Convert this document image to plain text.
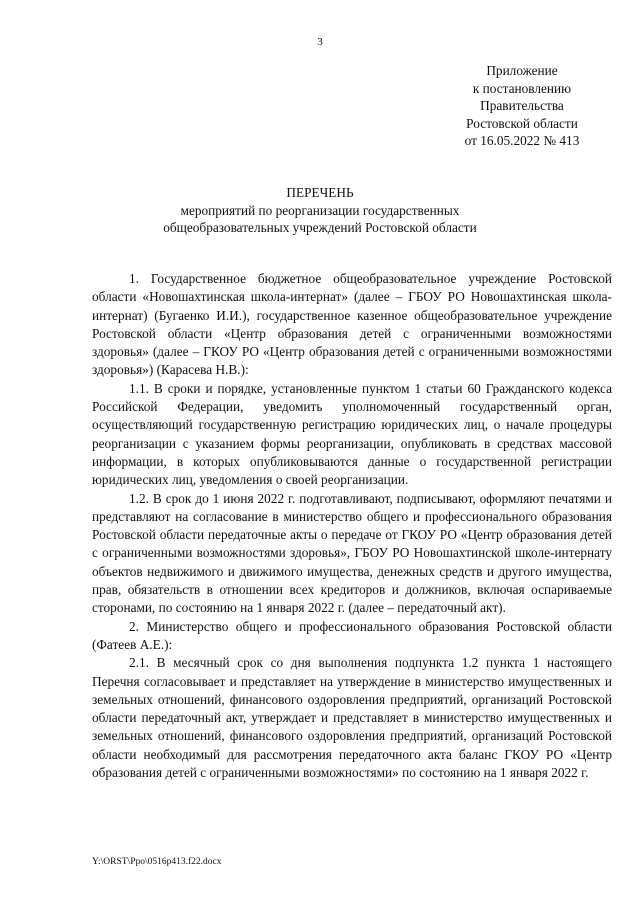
3
Приложение
к постановлению
Правительства
Ростовской области
от 16.05.2022 № 413
ПЕРЕЧЕНЬ
мероприятий по реорганизации государственных
общеобразовательных учреждений Ростовской области

1. Государственное бюджетное общеобразовательное учреждение Ростовской области «Новошахтинская школа-интернат» (далее – ГБОУ РО Новошахтинская школа-интернат) (Бугаенко И.И.), государственное казенное общеобразовательное учреждение Ростовской области «Центр образования детей с ограниченными возможностями здоровья» (далее – ГКОУ РО «Центр образования детей с ограниченными возможностями здоровья») (Карасева Н.В.):

1.1. В сроки и порядке, установленные пунктом 1 статьи 60 Гражданского кодекса Российской Федерации, уведомить уполномоченный государственный орган, осуществляющий государственную регистрацию юридических лиц, о начале процедуры реорганизации с указанием формы реорганизации, опубликовать в средствах массовой информации, в которых опубликовываются данные о государственной регистрации юридических лиц, уведомления о своей реорганизации.

1.2. В срок до 1 июня 2022 г. подготавливают, подписывают, оформляют печатями и представляют на согласование в министерство общего и профессионального образования Ростовской области передаточные акты о передаче от ГКОУ РО «Центр образования детей с ограниченными возможностями здоровья», ГБОУ РО Новошахтинской школе-интернату объектов недвижимого и движимого имущества, денежных средств и другого имущества, прав, обязательств в отношении всех кредиторов и должников, включая оспариваемые сторонами, по состоянию на 1 января 2022 г. (далее – передаточный акт).

2. Министерство общего и профессионального образования Ростовской области (Фатеев А.Е.):

2.1. В месячный срок со дня выполнения подпункта 1.2 пункта 1 настоящего Перечня согласовывает и представляет на утверждение в министерство имущественных и земельных отношений, финансового оздоровления предприятий, организаций Ростовской области передаточный акт, утверждает и представляет в министерство имущественных и земельных отношений, финансового оздоровления предприятий, организаций Ростовской области необходимый для рассмотрения передаточного акта баланс ГКОУ РО «Центр образования детей с ограниченными возможностями» по состоянию на 1 января 2022 г.

Y:\ORST\Ppo\0516p413.f22.docx
